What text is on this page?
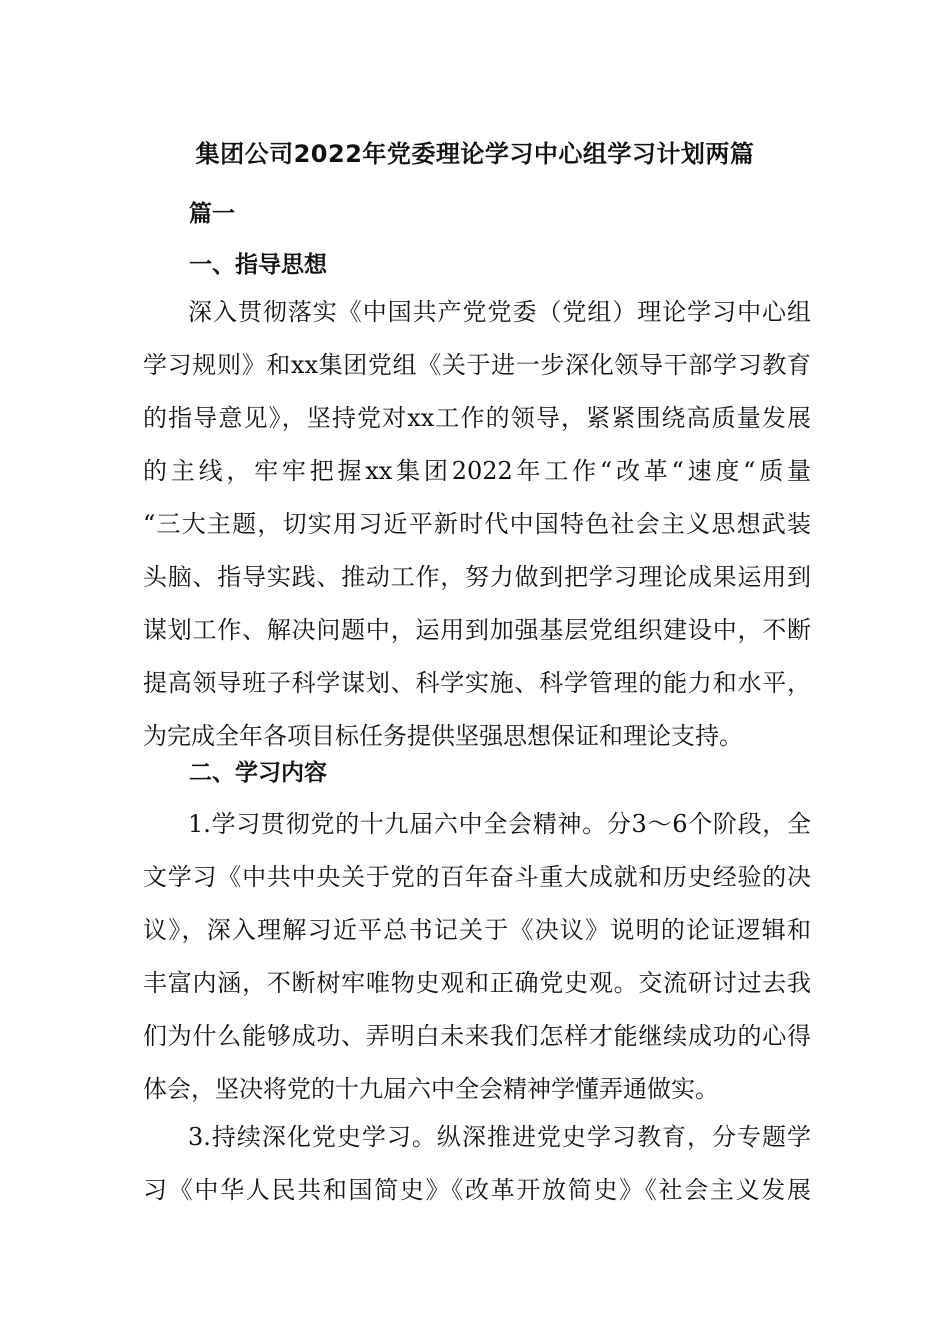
集团公司2022年党委理论学习中心组学习计划两篇
篇一
一、指导思想
深入贯彻落实《中国共产党党委（党组）理论学习中心组
学习规则》和xx集团党组《关于进一步深化领导干部学习教育
的指导意见》，坚持党对xx工作的领导，紧紧围绕高质量发展
的主线，牢牢把握xx集团2022年工作“改革“速度“质量
“三大主题，切实用习近平新时代中国特色社会主义思想武装
头脑、指导实践、推动工作，努力做到把学习理论成果运用到
谋划工作、解决问题中，运用到加强基层党组织建设中，不断
提高领导班子科学谋划、科学实施、科学管理的能力和水平，
为完成全年各项目标任务提供坚强思想保证和理论支持。
二、学习内容
1.学习贯彻党的十九届六中全会精神。分3～6个阶段，全
文学习《中共中央关于党的百年奋斗重大成就和历史经验的决
议》，深入理解习近平总书记关于《决议》说明的论证逻辑和
丰富内涵，不断树牢唯物史观和正确党史观。交流研讨过去我
们为什么能够成功、弄明白未来我们怎样才能继续成功的心得
体会，坚决将党的十九届六中全会精神学懂弄通做实。
3.持续深化党史学习。纵深推进党史学习教育，分专题学
习《中华人民共和国简史》《改革开放简史》《社会主义发展
